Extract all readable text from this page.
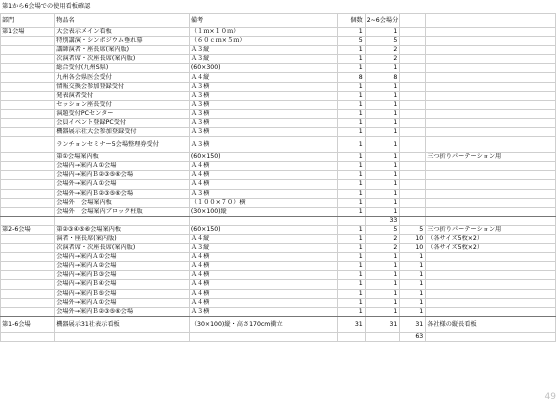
第1から6会場での使用看板確認
部門	物品名	備考	個数	2~6会場分		
第1会場	大会表示メイン看板	（１ｍ×１０ｍ）	1	1		
	特別講演・シンポジウム垂れ幕	（６０ｃｍ×５ｍ）	5	5		
	講師演者・座長席(案内版)	Ａ３縦	1	2		
	次演者席・次座長席(案内版)	Ａ３縦	1	2		
	総合受付(九州S県)	(60×300)	1	1		
	九州各会県医会受付	Ａ４縦	8	8		
	情報交換会参加登録受付	Ａ３横	1	1		
	発表演者受付	Ａ３横	1	1		
	セッション座長受付	Ａ３横	1	1		
	演題受付PCセンター	Ａ３横	1	1		
	会員イベント登録PC受付	Ａ３横	1	1		
	機器展示社大会参加登録受付	Ａ３横	1	1		
	ランチョンセミナー5会場整理券受付	Ａ３横	1	1		
	第①会場案内板	(60×150)	1	1		三つ折りパーテーション用
	会場内→案内Ａ①会場	Ａ４横	1	1		
	会場内→案内Ｂ②③⑤⑥会場	Ａ４横	1	1		
	会場外→案内Ａ①会場	Ａ４横	1	1		
	会場外→案内Ｂ②③⑤⑥会場	Ａ３横	1	1		
	会場外　会場案内板	（１００×７０）横	1	1		
	会場外　会場案内ブロック柱版	(30×100)縦	1	1		
				33		
第2-6会場	第②③④⑤⑥会場案内板	(60×150)	1	5	5	三つ折りパーテーション用
	演者・座長席(案内版)	Ａ４縦	1	2	10	（各サイズ5枚×2）
	次演者席・次座長席(案内版)	Ａ３縦	1	2	10	（各サイズ5枚×2）
	会場内→案内Ａ①会場	Ａ４横	1	1	1	
	会場内→案内Ａ②会場	Ａ４横	1	1	1	
	会場内→案内Ｂ③会場	Ａ４横	1	1	1	
	会場内→案内Ｂ④会場	Ａ４横	1	1	1	
	会場内→案内Ｂ⑤会場	Ａ４横	1	1	1	
	会場外→案内Ａ①会場	Ａ４横	1	1	1	
	会場外→案内Ｂ②③⑤⑥会場	Ａ３横	1	1	1	
第1-6会場	機器展示31社表示看板	（30×100)縦・高さ170cm衝立	31	31	31	各社様の縦長看板
					63	
49
